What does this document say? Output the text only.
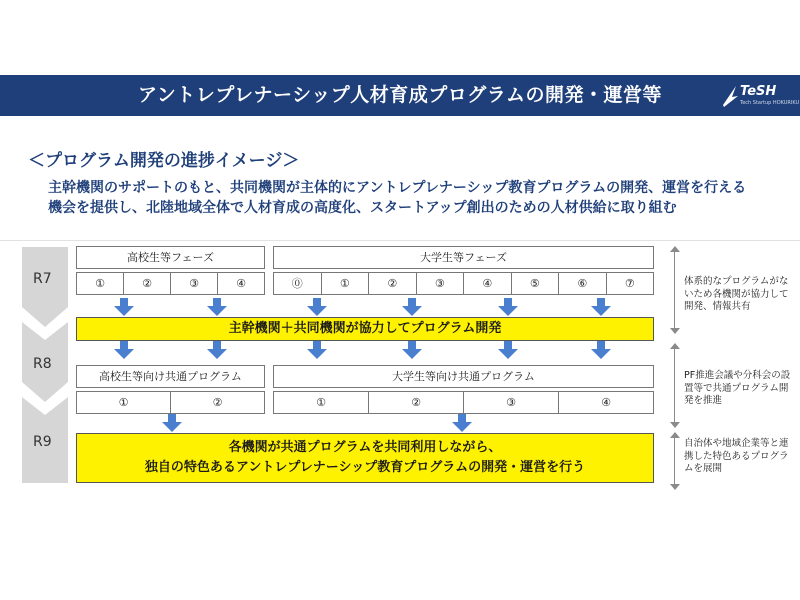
アントレプレナーシップ人材育成プログラムの開発・運営等	TeSH
Tech Startup HOKURIKU
＜プログラム開発の進捗イメージ＞
主幹機関のサポートのもと、共同機関が主体的にアントレプレナーシップ教育プログラムの開発、運営を行える機会を提供し、北陸地域全体で人材育成の高度化、スタートアップ創出のための人材供給に取り組む
R7
R8
R9
高校生等フェーズ
①	②	③	④
大学生等フェーズ
⓪	①	②	③	④	⑤	⑥	⑦
主幹機関＋共同機関が協力してプログラム開発
高校生等向け共通プログラム
①	②
大学生等向け共通プログラム
①	②	③	④
各機関が共通プログラムを共同利用しながら、
独自の特色あるアントレプレナーシップ教育プログラムの開発・運営を行う
体系的なプログラムがないため各機関が協力して開発、情報共有
PF推進会議や分科会の設置等で共通プログラム開発を推進
自治体や地域企業等と連携した特色あるプログラムを展開
